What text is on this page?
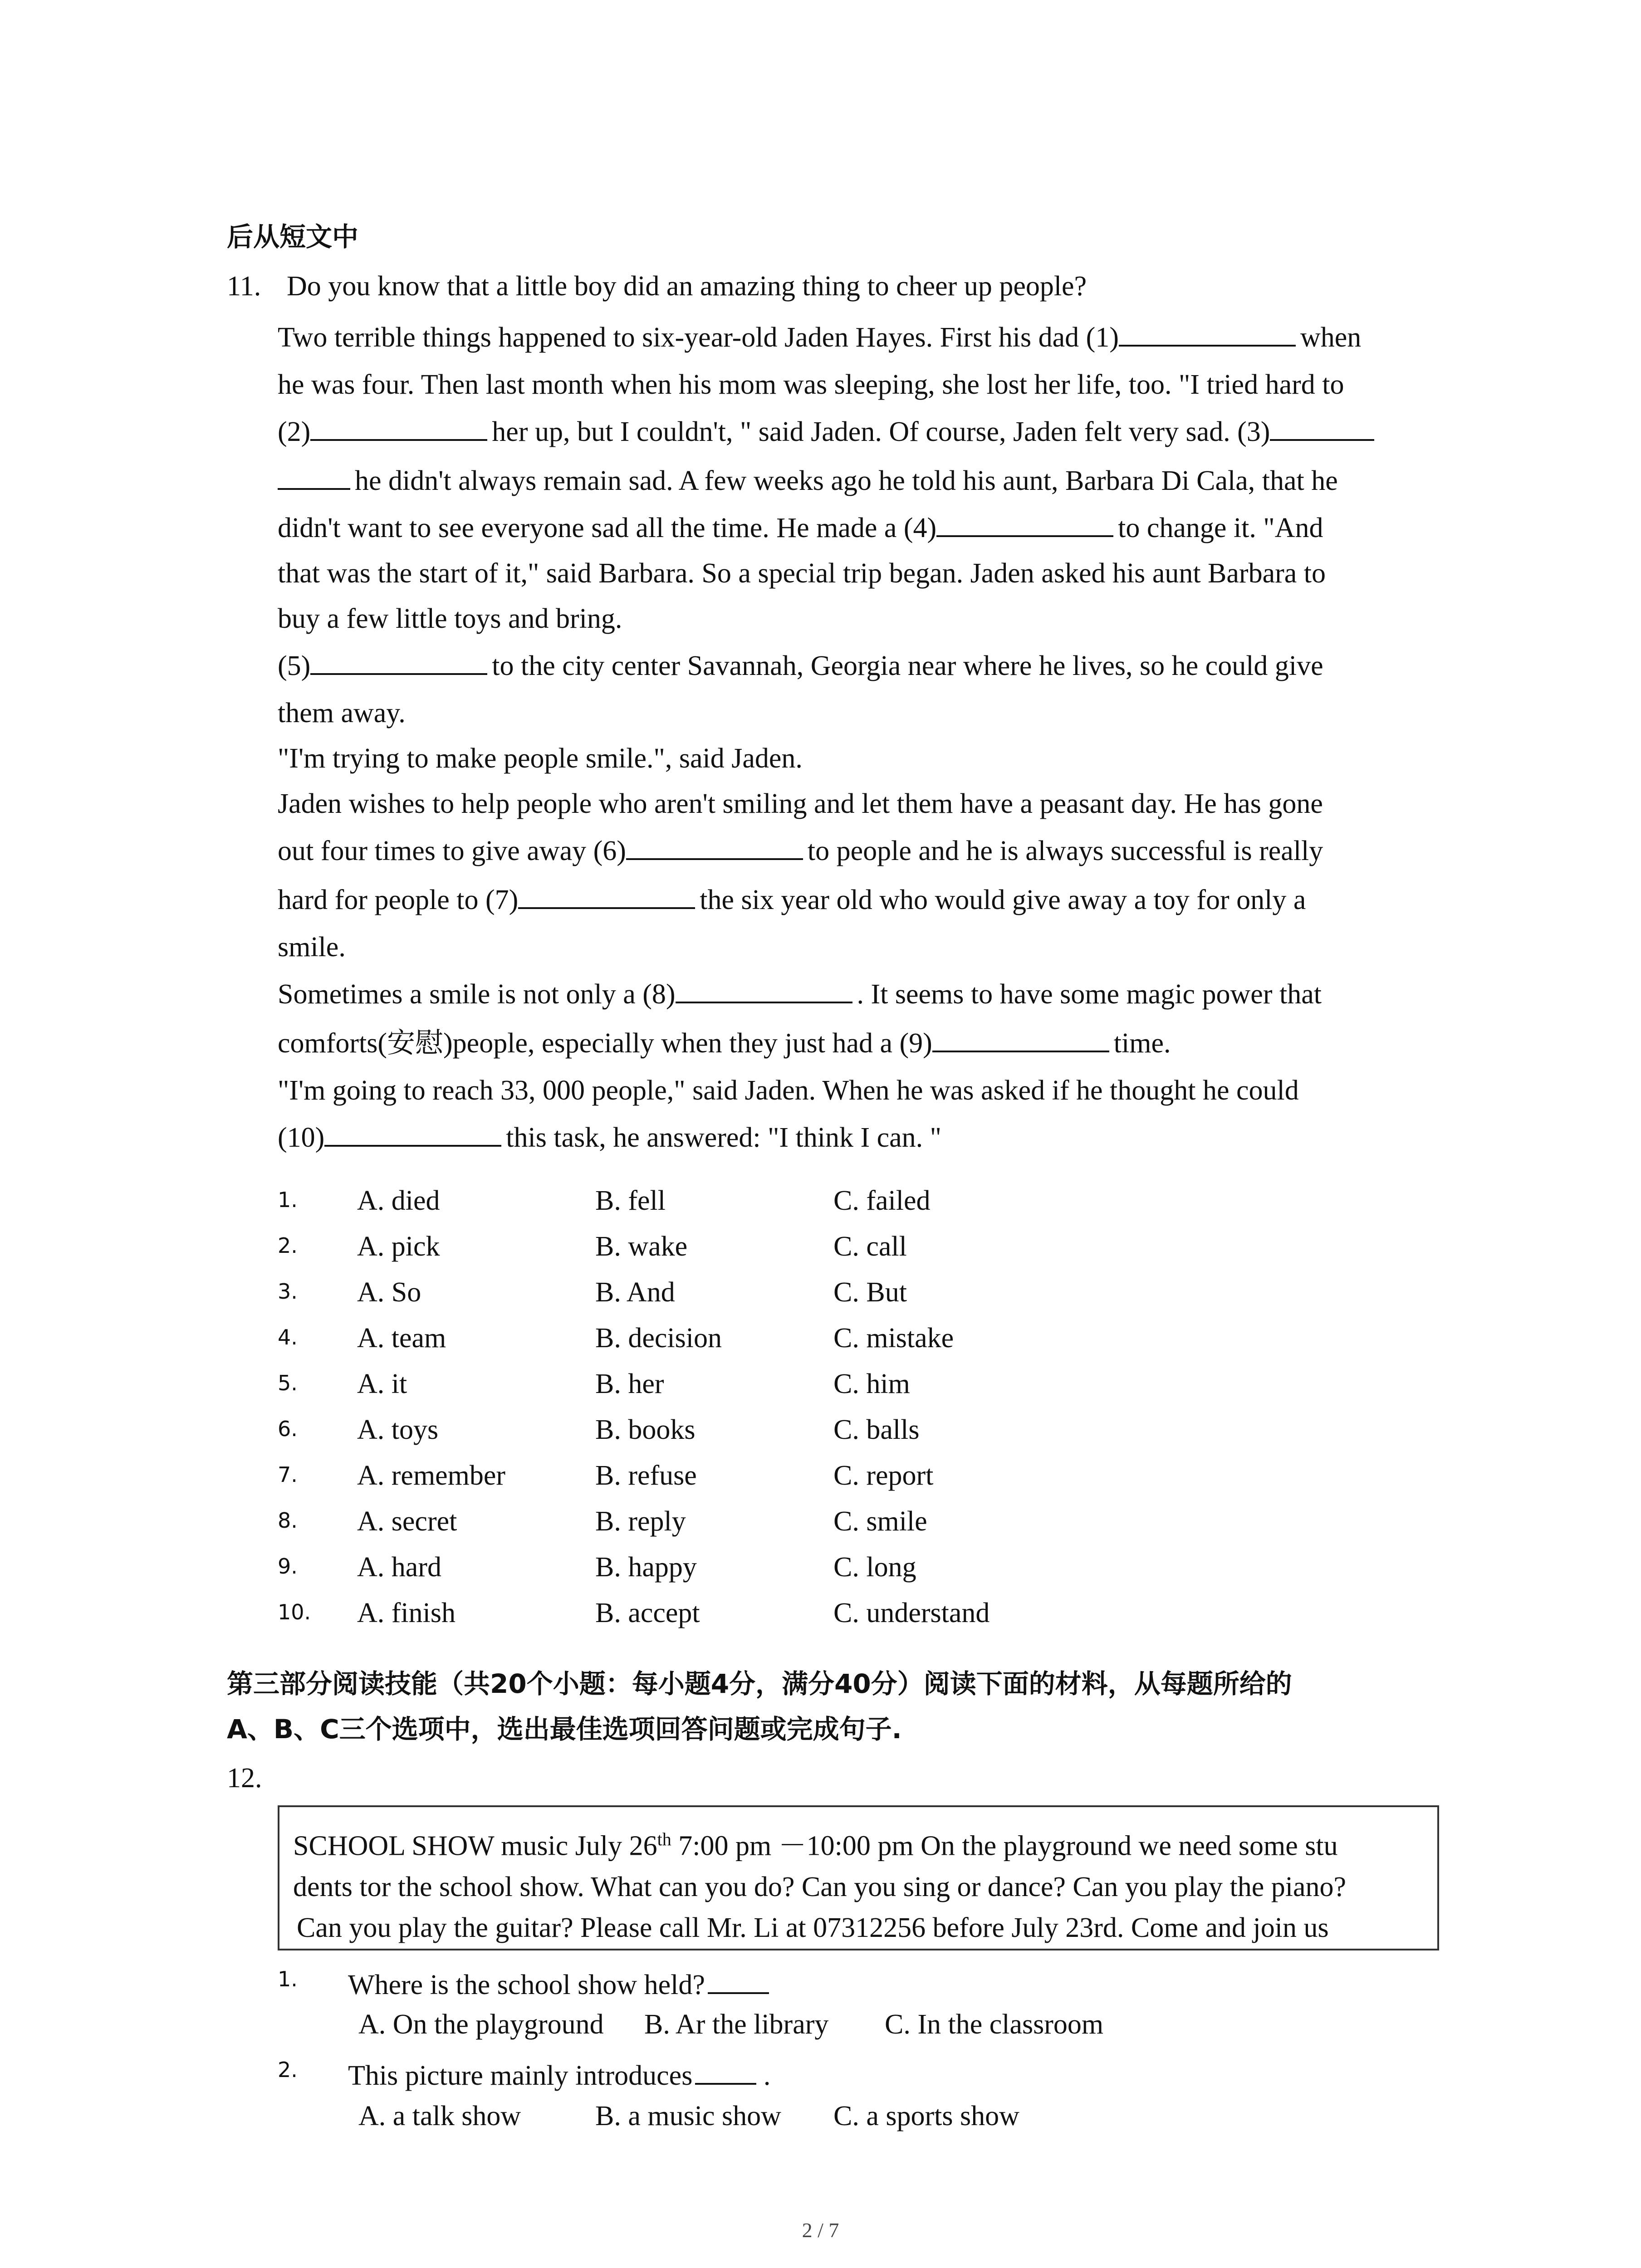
后从短文中
11. Do you know that a little boy did an amazing thing to cheer up people?
Two terrible things happened to six-year-old Jaden Hayes. First his dad (1)	when
he was four. Then last month when his mom was sleeping, she lost her life, too. "I tried hard to
(2)	her up, but I couldn't, " said Jaden. Of course, Jaden felt very sad. (3)
he didn't always remain sad. A few weeks ago he told his aunt, Barbara Di Cala, that he
didn't want to see everyone sad all the time. He made a (4)	to change it. "And
that was the start of it," said Barbara. So a special trip began. Jaden asked his aunt Barbara to
buy a few little toys and bring.
(5)	to the city center Savannah, Georgia near where he lives, so he could give
them away.
"I'm trying to make people smile.", said Jaden.
Jaden wishes to help people who aren't smiling and let them have a peasant day. He has gone
out four times to give away (6)	to people and he is always successful is really
hard for people to (7)	the six year old who would give away a toy for only a
smile.
Sometimes a smile is not only a (8)	. It seems to have some magic power that
comforts(安慰)people, especially when they just had a (9)	time.
"I'm going to reach 33, 000 people," said Jaden. When he was asked if he thought he could
(10)	this task, he answered: "I think I can. "
1. A. died	B. fell	C. failed
2. A. pick	B. wake	C. call
3. A. So	B. And	C. But
4. A. team	B. decision	C. mistake
5. A. it	B. her	C. him
6. A. toys	B. books	C. balls
7. A. remember	B. refuse	C. report
8. A. secret	B. reply	C. smile
9. A. hard	B. happy	C. long
10. A. finish	B. accept	C. understand
第三部分阅读技能（共20个小题：每小题4分，满分40分）阅读下面的材料，从每题所给的
A、B、C三个选项中，选出最佳选项回答问题或完成句子.
12.
SCHOOL SHOW music July 26th 7:00 pm －10:00 pm On the playground we need some stu
dents tor the school show. What can you do? Can you sing or dance? Can you play the piano?
Can you play the guitar? Please call Mr. Li at 07312256 before July 23rd. Come and join us
1. Where is the school show held?
A. On the playground B. Ar the library C. In the classroom
2. This picture mainly introduces	.
A. a talk show	B. a music show C. a sports show
2 / 7
